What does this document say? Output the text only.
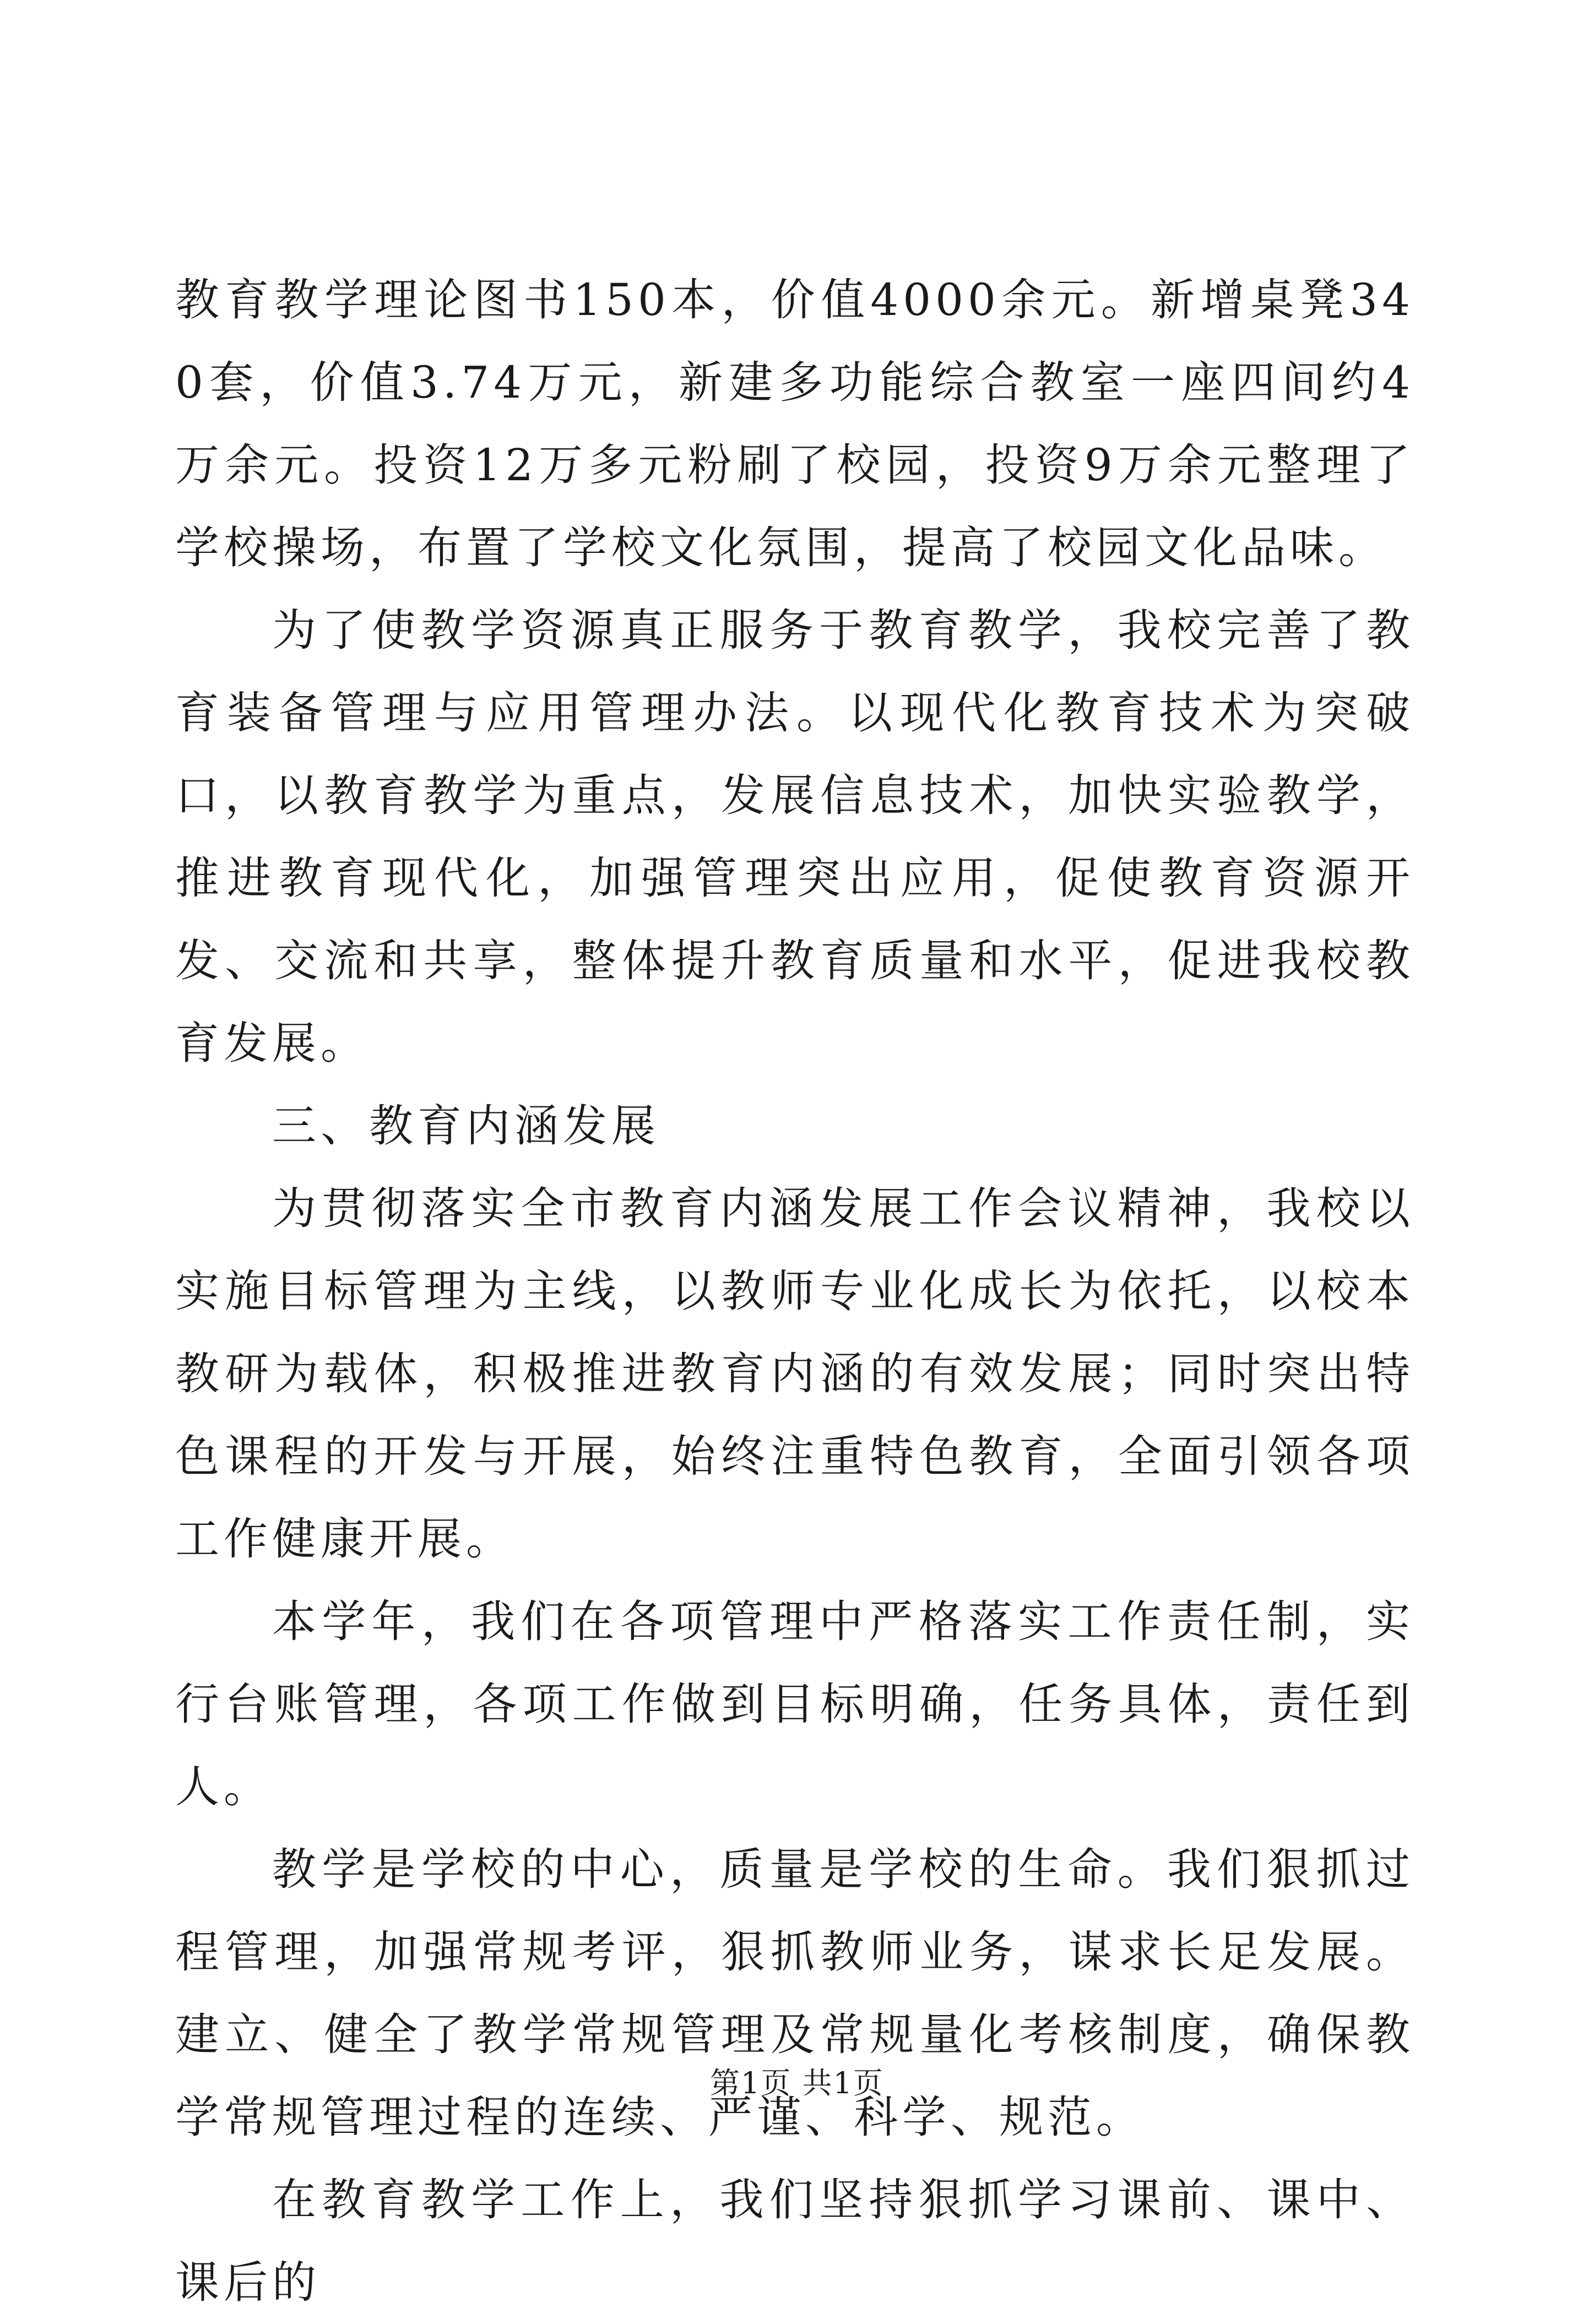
教育教学理论图书150本，价值4000余元。新增桌凳340套，价值3.74万元，新建多功能综合教室一座四间约4万余元。投资12万多元粉刷了校园，投资9万余元整理了学校操场，布置了学校文化氛围，提高了校园文化品味。

为了使教学资源真正服务于教育教学，我校完善了教育装备管理与应用管理办法。以现代化教育技术为突破口，以教育教学为重点，发展信息技术，加快实验教学，推进教育现代化，加强管理突出应用，促使教育资源开发、交流和共享，整体提升教育质量和水平，促进我校教育发展。

三、教育内涵发展

为贯彻落实全市教育内涵发展工作会议精神，我校以实施目标管理为主线，以教师专业化成长为依托，以校本教研为载体，积极推进教育内涵的有效发展；同时突出特色课程的开发与开展，始终注重特色教育，全面引领各项工作健康开展。

本学年，我们在各项管理中严格落实工作责任制，实行台账管理，各项工作做到目标明确，任务具体，责任到人。

教学是学校的中心，质量是学校的生命。我们狠抓过程管理，加强常规考评，狠抓教师业务，谋求长足发展。建立、健全了教学常规管理及常规量化考核制度，确保教学常规管理过程的连续、严谨、科学、规范。

在教育教学工作上，我们坚持狠抓学习课前、课中、课后的

第1页 共1页
